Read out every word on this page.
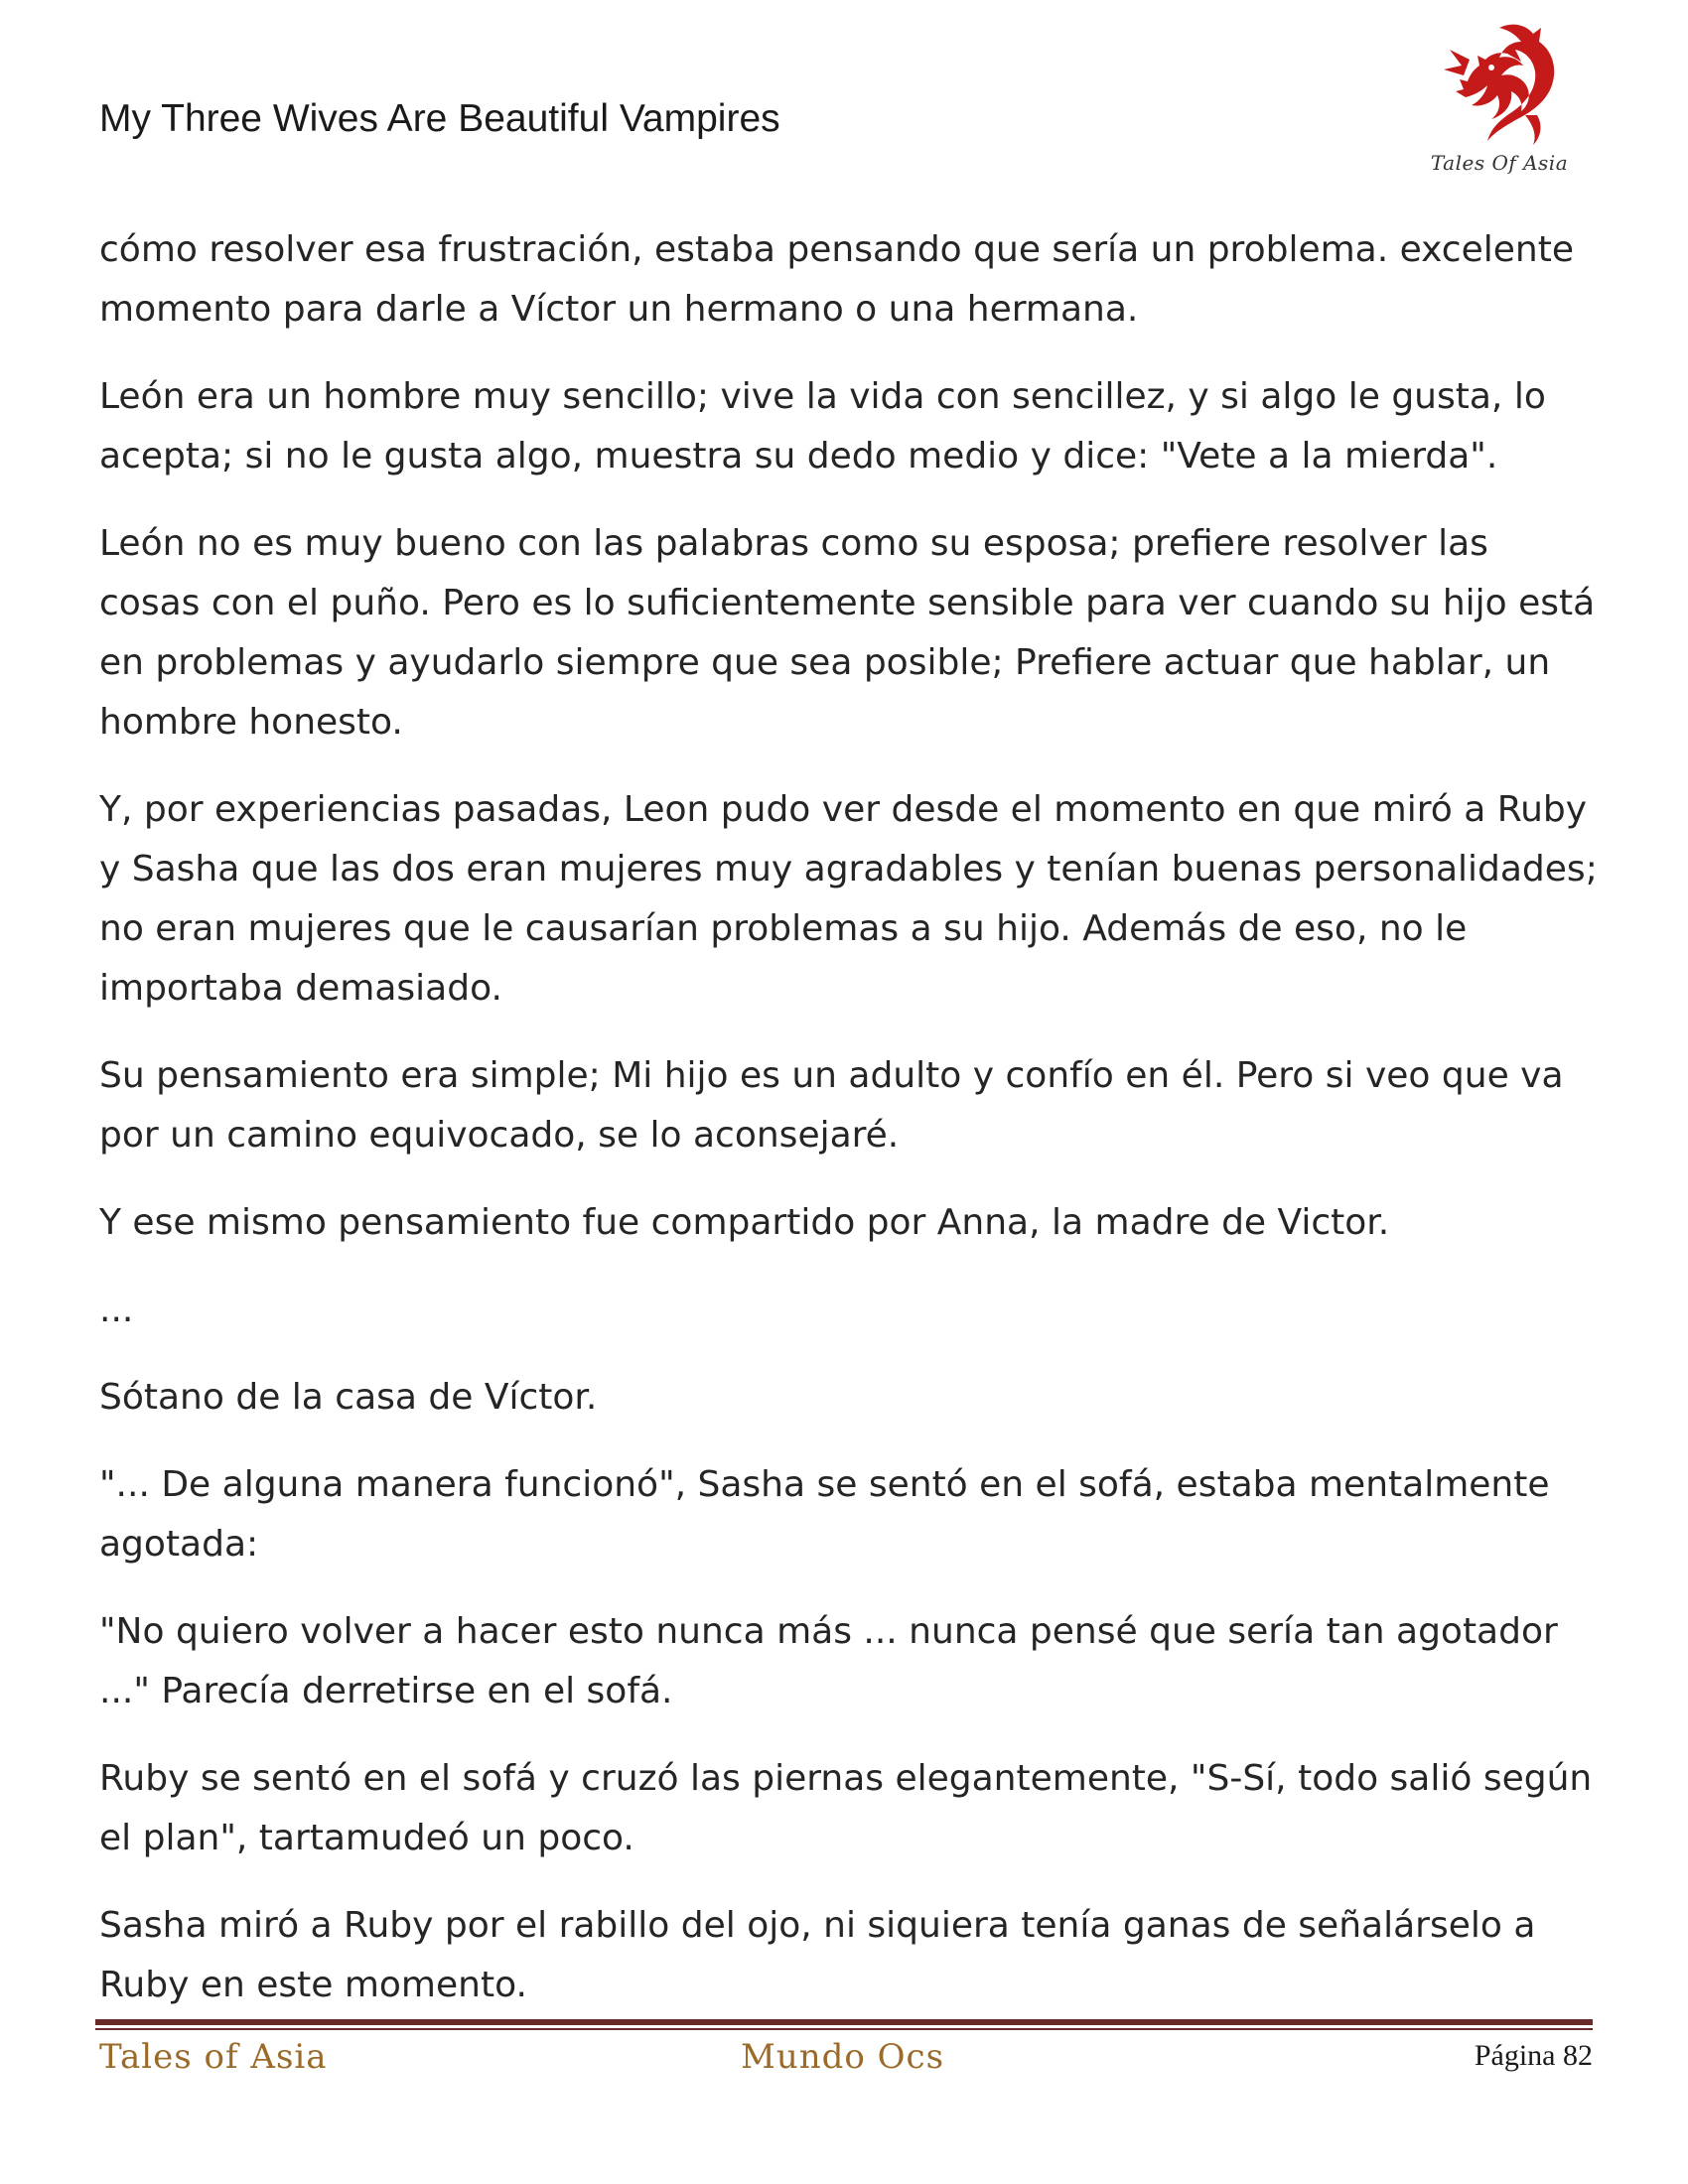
My Three Wives Are Beautiful Vampires
Tales Of Asia

cómo resolver esa frustración, estaba pensando que sería un problema. excelente momento para darle a Víctor un hermano o una hermana.

León era un hombre muy sencillo; vive la vida con sencillez, y si algo le gusta, lo acepta; si no le gusta algo, muestra su dedo medio y dice: "Vete a la mierda".

León no es muy bueno con las palabras como su esposa; prefiere resolver las cosas con el puño. Pero es lo suficientemente sensible para ver cuando su hijo está en problemas y ayudarlo siempre que sea posible; Prefiere actuar que hablar, un hombre honesto.

Y, por experiencias pasadas, Leon pudo ver desde el momento en que miró a Ruby y Sasha que las dos eran mujeres muy agradables y tenían buenas personalidades; no eran mujeres que le causarían problemas a su hijo. Además de eso, no le importaba demasiado.

Su pensamiento era simple; Mi hijo es un adulto y confío en él. Pero si veo que va por un camino equivocado, se lo aconsejaré.

Y ese mismo pensamiento fue compartido por Anna, la madre de Victor.

...

Sótano de la casa de Víctor.

"... De alguna manera funcionó", Sasha se sentó en el sofá, estaba mentalmente agotada:

"No quiero volver a hacer esto nunca más ... nunca pensé que sería tan agotador ..." Parecía derretirse en el sofá.

Ruby se sentó en el sofá y cruzó las piernas elegantemente, "S-Sí, todo salió según el plan", tartamudeó un poco.

Sasha miró a Ruby por el rabillo del ojo, ni siquiera tenía ganas de señalárselo a Ruby en este momento.

Tales of Asia	Mundo Ocs	Página 82
